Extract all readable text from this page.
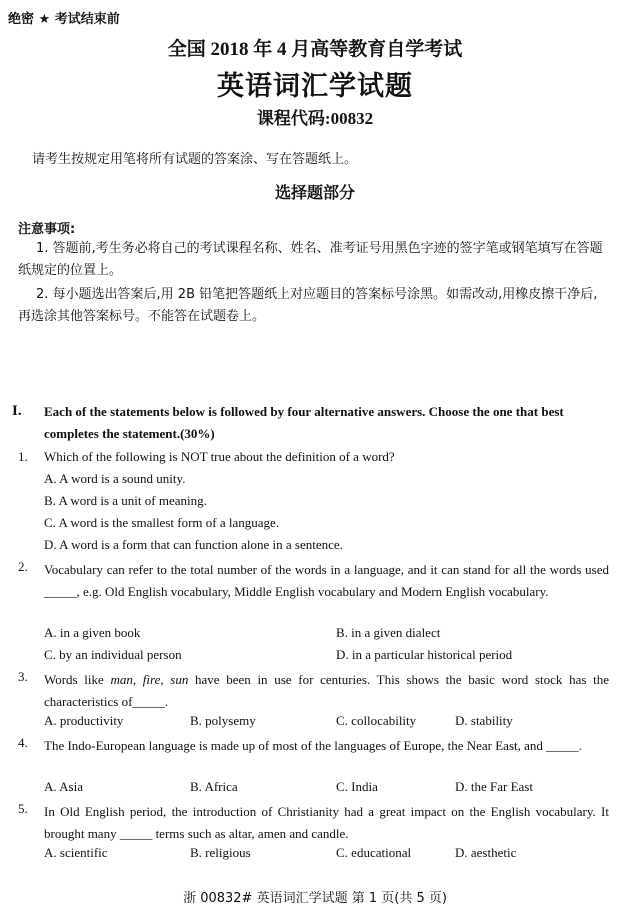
绝密 ★ 考试结束前
全国 2018 年 4 月高等教育自学考试
英语词汇学试题
课程代码:00832
请考生按规定用笔将所有试题的答案涂、写在答题纸上。
选择题部分
注意事项:
1. 答题前,考生务必将自己的考试课程名称、姓名、准考证号用黑色字迹的签字笔或钢笔填写在答题纸规定的位置上。
2. 每小题选出答案后,用 2B 铅笔把答题纸上对应题目的答案标号涂黑。如需改动,用橡皮擦干净后,再选涂其他答案标号。不能答在试题卷上。
I. Each of the statements below is followed by four alternative answers. Choose the one that best completes the statement.(30%)
1. Which of the following is NOT true about the definition of a word?
A. A word is a sound unity.
B. A word is a unit of meaning.
C. A word is the smallest form of a language.
D. A word is a form that can function alone in a sentence.
2. Vocabulary can refer to the total number of the words in a language, and it can stand for all the words used _____, e.g. Old English vocabulary, Middle English vocabulary and Modern English vocabulary.
A. in a given book	B. in a given dialect
C. by an individual person	D. in a particular historical period
3. Words like man, fire, sun have been in use for centuries. This shows the basic word stock has the characteristics of_____.
A. productivity	B. polysemy	C. collocability	D. stability
4. The Indo-European language is made up of most of the languages of Europe, the Near East, and _____.
A. Asia	B. Africa	C. India	D. the Far East
5. In Old English period, the introduction of Christianity had a great impact on the English vocabulary. It brought many _____ terms such as altar, amen and candle.
A. scientific	B. religious	C. educational	D. aesthetic
浙 00832# 英语词汇学试题 第 1 页(共 5 页)
